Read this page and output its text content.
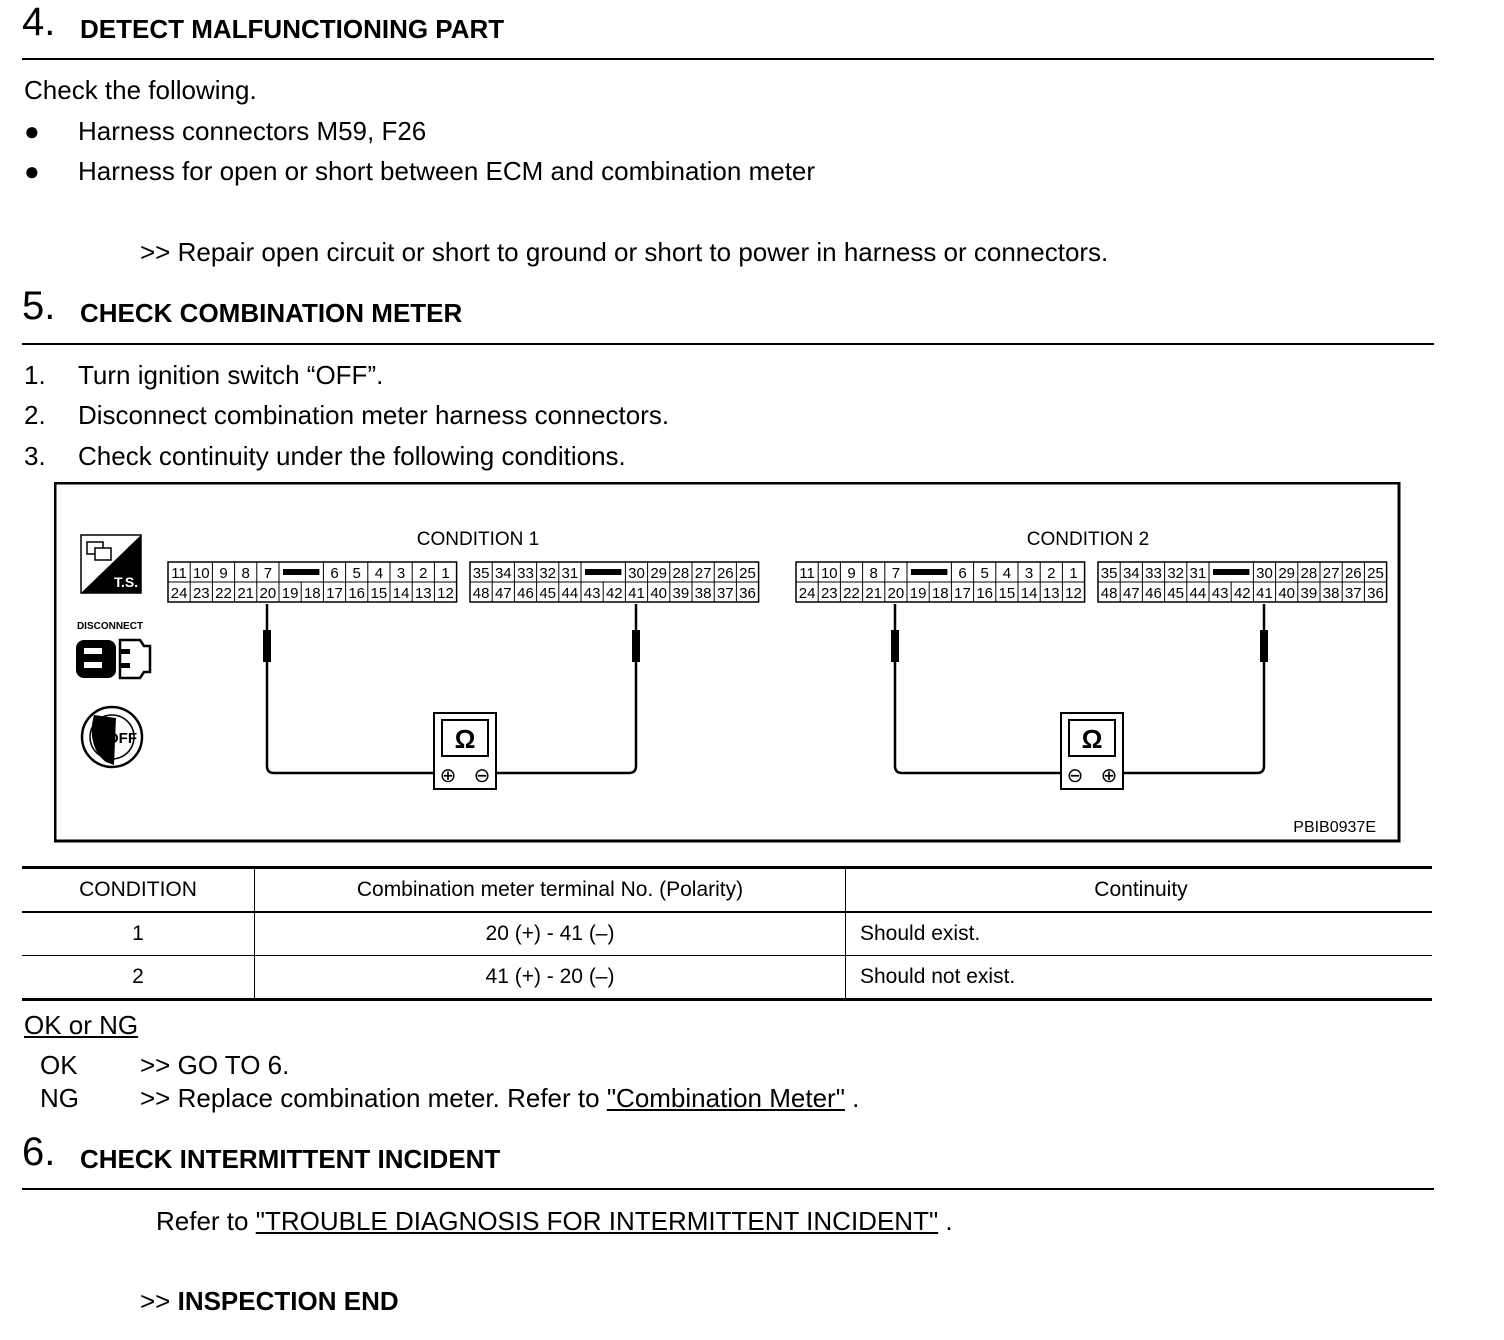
4. DETECT MALFUNCTIONING PART
Check the following.
● Harness connectors M59, F26
● Harness for open or short between ECM and combination meter
>> Repair open circuit or short to ground or short to power in harness or connectors.
5. CHECK COMBINATION METER
1. Turn ignition switch “OFF”.
2. Disconnect combination meter harness connectors.
3. Check continuity under the following conditions.
T.S.
DISCONNECT
OFF
CONDITION 1	CONDITION 2
24 23 22 21 20 19 18 17 16 15 14 13 12
11 10 9 8 7	6 5 4 3 2 1
48 47 46 45 44 43 42 41 40 39 38 37 36
35 34 33 32 31	30 29 28 27 26 25
24 23 22 21 20 19 18 17 16 15 14 13 12
11 10 9 8 7	6 5 4 3 2 1
48 47 46 45 44 43 42 41 40 39 38 37 36
35 34 33 32 31	30 29 28 27 26 25
Ω
⊕ ⊖
Ω
⊖ ⊕
PBIB0937E
CONDITION	Combination meter terminal No. (Polarity)	Continuity
1	20 (+) - 41 (–)	Should exist.
2	41 (+) - 20 (–)	Should not exist.
OK or NG
OK >> GO TO 6.
NG >> Replace combination meter. Refer to "Combination Meter" .
6. CHECK INTERMITTENT INCIDENT
Refer to "TROUBLE DIAGNOSIS FOR INTERMITTENT INCIDENT" .
>> INSPECTION END
